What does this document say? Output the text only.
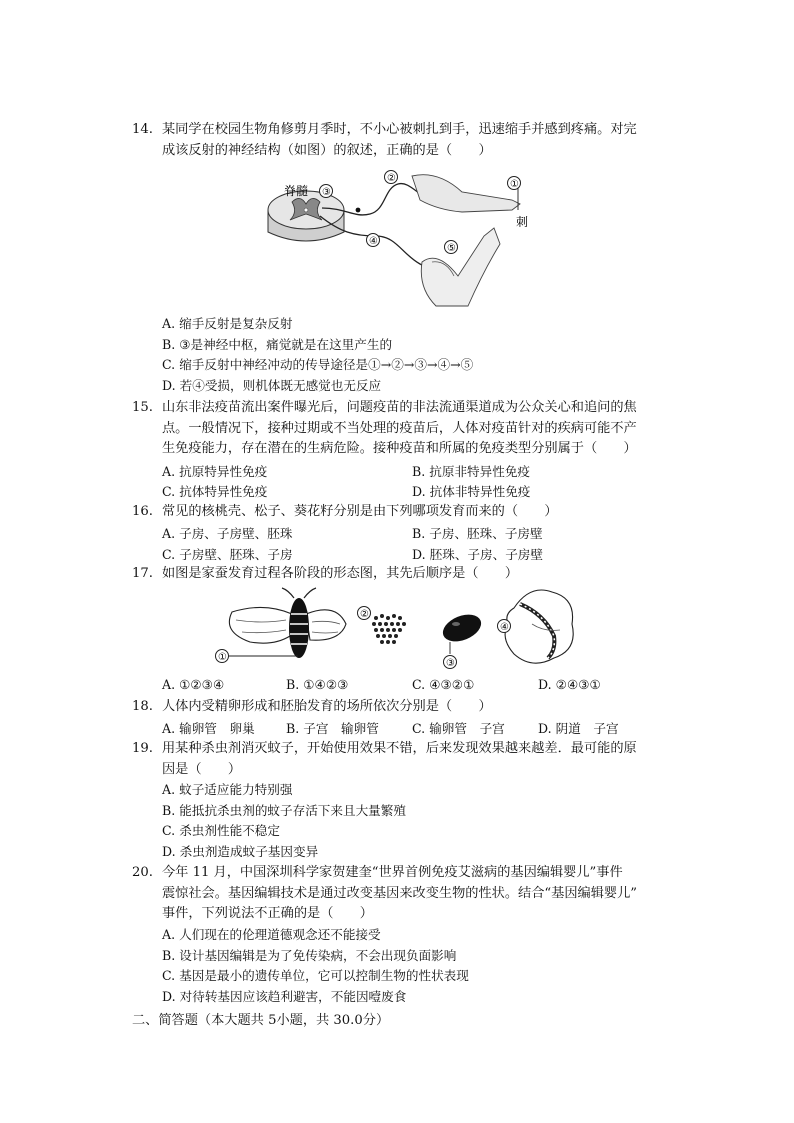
14. 某同学在校园生物角修剪月季时，不小心被刺扎到手，迅速缩手并感到疼痛。对完
成该反射的神经结构（如图）的叙述，正确的是（　　）
脊髓 ③
②
①
④
⑤
刺
A. 缩手反射是复杂反射
B. ③是神经中枢，痛觉就是在这里产生的
C. 缩手反射中神经冲动的传导途径是①→②→③→④→⑤
D. 若④受损，则机体既无感觉也无反应
15. 山东非法疫苗流出案件曝光后，问题疫苗的非法流通渠道成为公众关心和追问的焦
点。一般情况下，接种过期或不当处理的疫苗后，人体对疫苗针对的疾病可能不产
生免疫能力，存在潜在的生病危险。接种疫苗和所属的免疫类型分别属于（　　）
A. 抗原特异性免疫	B. 抗原非特异性免疫
C. 抗体特异性免疫	D. 抗体非特异性免疫
16. 常见的核桃壳、松子、葵花籽分别是由下列哪项发育而来的（　　）
A. 子房、子房壁、胚珠	B. 子房、胚珠、子房壁
C. 子房壁、胚珠、子房	D. 胚珠、子房、子房壁
17. 如图是家蚕发育过程各阶段的形态图，其先后顺序是（　　）
①
②
③
④
A. ①②③④	B. ①④②③	C. ④③②①	D. ②④③①
18. 人体内受精卵形成和胚胎发育的场所依次分别是（　　）
A. 输卵管　卵巢 B. 子宫　输卵管	C. 输卵管　子宫	D. 阴道　子宫
19. 用某种杀虫剂消灭蚊子，开始使用效果不错，后来发现效果越来越差．最可能的原
因是（　　）
A. 蚊子适应能力特别强
B. 能抵抗杀虫剂的蚊子存活下来且大量繁殖
C. 杀虫剂性能不稳定
D. 杀虫剂造成蚊子基因变异
20. 今年 11 月，中国深圳科学家贺建奎“世界首例免疫艾滋病的基因编辑婴儿”事件
震惊社会。基因编辑技术是通过改变基因来改变生物的性状。结合“基因编辑婴儿”
事件，下列说法不正确的是（　　）
A. 人们现在的伦理道德观念还不能接受
B. 设计基因编辑是为了免传染病，不会出现负面影响
C. 基因是最小的遗传单位，它可以控制生物的性状表现
D. 对待转基因应该趋利避害，不能因噎废食
二、简答题（本大题共 5小题，共 30.0分）
